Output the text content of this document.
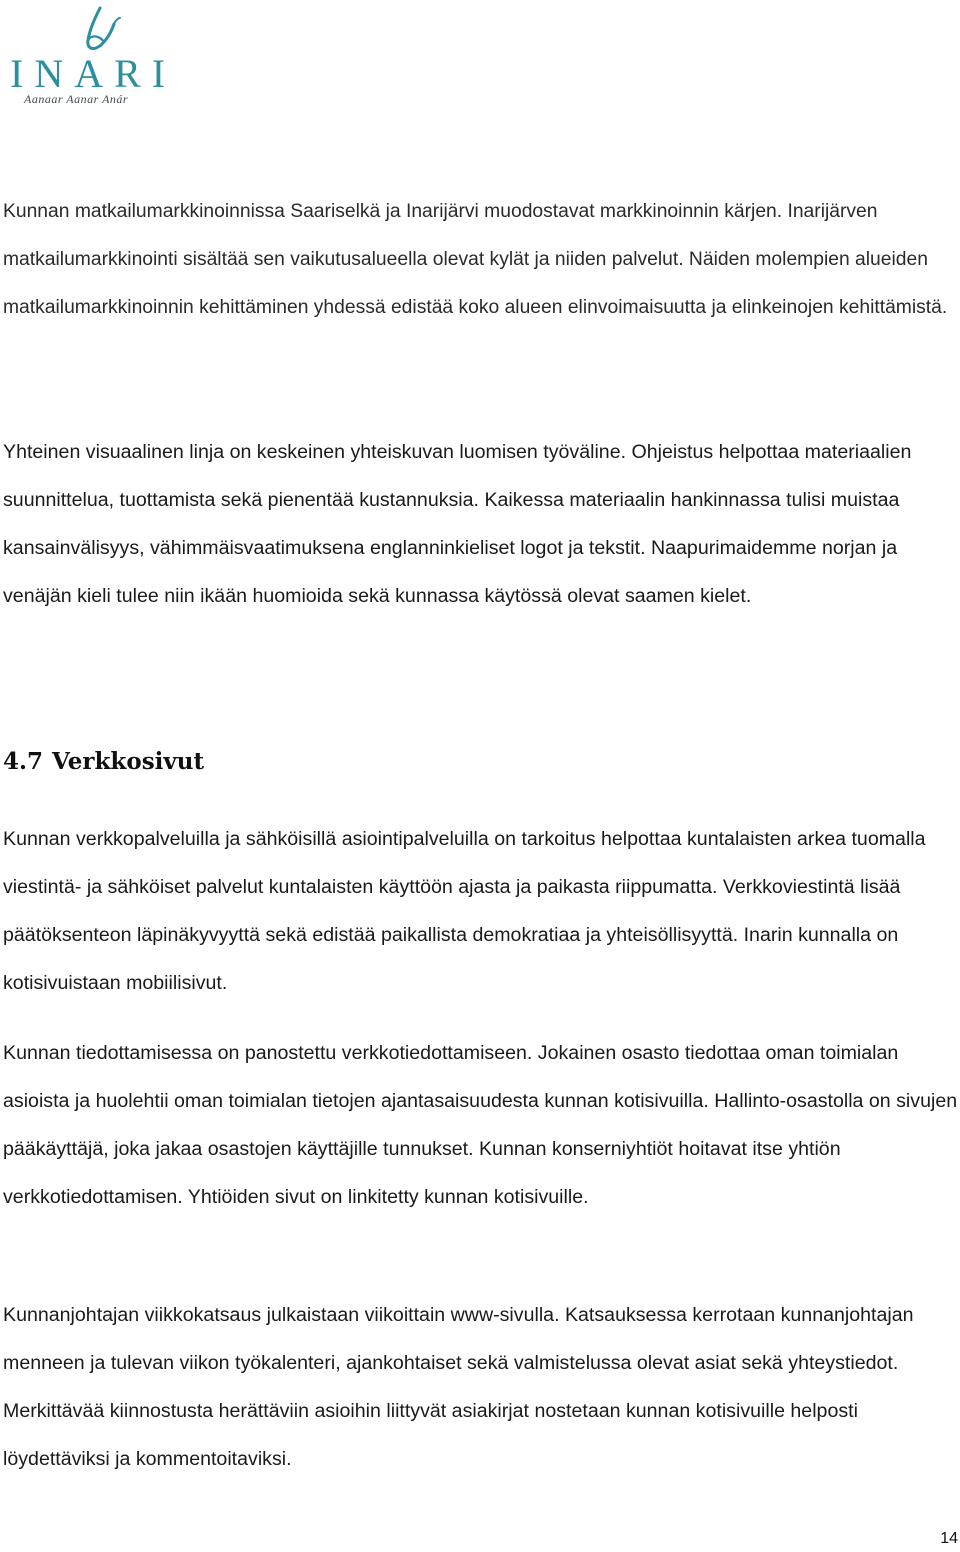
INARI
Aanaar Aanar Anár

Kunnan matkailumarkkinoinnissa Saariselkä ja Inarijärvi muodostavat markkinoinnin kärjen. Inarijärven matkailumarkkinointi sisältää sen vaikutusalueella olevat kylät ja niiden palvelut. Näiden molempien alueiden matkailumarkkinoinnin kehittäminen yhdessä edistää koko alueen elinvoimaisuutta ja elinkeinojen kehittämistä.

Yhteinen visuaalinen linja on keskeinen yhteiskuvan luomisen työväline. Ohjeistus helpottaa materiaalien suunnittelua, tuottamista sekä pienentää kustannuksia. Kaikessa materiaalin hankinnassa tulisi muistaa kansainvälisyys, vähimmäisvaatimuksena englanninkieliset logot ja tekstit. Naapurimaidemme norjan ja venäjän kieli tulee niin ikään huomioida sekä kunnassa käytössä olevat saamen kielet.

4.7 Verkkosivut

Kunnan verkkopalveluilla ja sähköisillä asiointipalveluilla on tarkoitus helpottaa kuntalaisten arkea tuomalla viestintä- ja sähköiset palvelut kuntalaisten käyttöön ajasta ja paikasta riippumatta. Verkkoviestintä lisää päätöksenteon läpinäkyvyyttä sekä edistää paikallista demokratiaa ja yhteisöllisyyttä. Inarin kunnalla on kotisivuistaan mobiilisivut.

Kunnan tiedottamisessa on panostettu verkkotiedottamiseen. Jokainen osasto tiedottaa oman toimialan asioista ja huolehtii oman toimialan tietojen ajantasaisuudesta kunnan kotisivuilla. Hallinto-osastolla on sivujen pääkäyttäjä, joka jakaa osastojen käyttäjille tunnukset. Kunnan konserniyhtiöt hoitavat itse yhtiön verkkotiedottamisen. Yhtiöiden sivut on linkitetty kunnan kotisivuille.

Kunnanjohtajan viikkokatsaus julkaistaan viikoittain www-sivulla. Katsauksessa kerrotaan kunnanjohtajan menneen ja tulevan viikon työkalenteri, ajankohtaiset sekä valmistelussa olevat asiat sekä yhteystiedot. Merkittävää kiinnostusta herättäviin asioihin liittyvät asiakirjat nostetaan kunnan kotisivuille helposti löydettäviksi ja kommentoitaviksi.

14
